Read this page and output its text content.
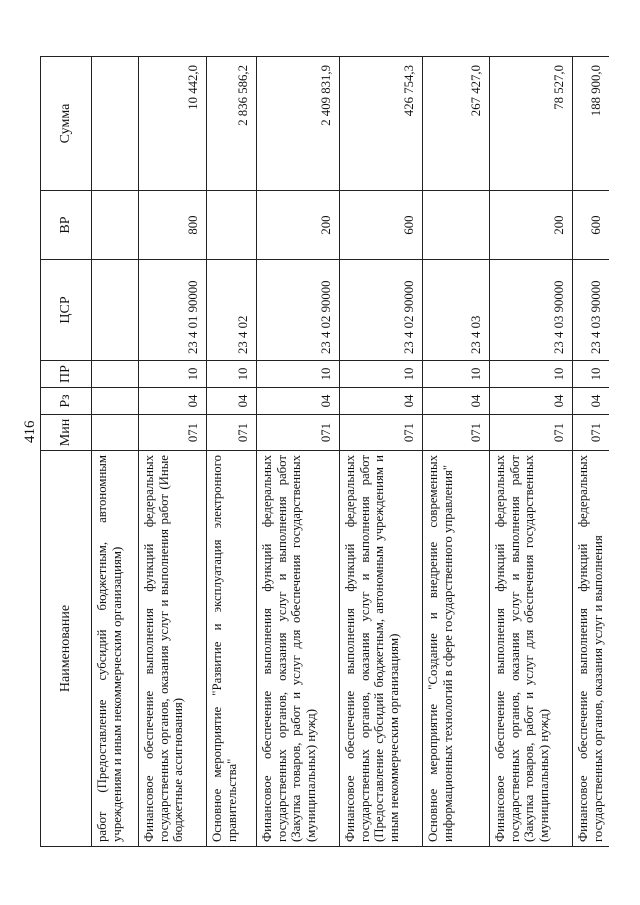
416
Наименование	Мин	Рз	ПР	ЦСР	ВР	Сумма
работ (Предоставление субсидий бюджетным, автономным учреждениям и иным некоммерческим организациям)						
Финансовое обеспечение выполнения функций федеральных государственных органов, оказания услуг и выполнения работ (Иные бюджетные ассигнования)	071	04	10	23 4 01 90000	800	10 442,0
Основное мероприятие "Развитие и эксплуатация электронного правительства"	071	04	10	23 4 02		2 836 586,2
Финансовое обеспечение выполнения функций федеральных государственных органов, оказания услуг и выполнения работ (Закупка товаров, работ и услуг для обеспечения государственных (муниципальных) нужд)	071	04	10	23 4 02 90000	200	2 409 831,9
Финансовое обеспечение выполнения функций федеральных государственных органов, оказания услуг и выполнения работ (Предоставление субсидий бюджетным, автономным учреждениям и иным некоммерческим организациям)	071	04	10	23 4 02 90000	600	426 754,3
Основное мероприятие "Создание и внедрение современных информационных технологий в сфере государственного управления"	071	04	10	23 4 03		267 427,0
Финансовое обеспечение выполнения функций федеральных государственных органов, оказания услуг и выполнения работ (Закупка товаров, работ и услуг для обеспечения государственных (муниципальных) нужд)	071	04	10	23 4 03 90000	200	78 527,0
Финансовое обеспечение выполнения функций федеральных государственных органов, оказания услуг и выполнения	071	04	10	23 4 03 90000	600	188 900,0
